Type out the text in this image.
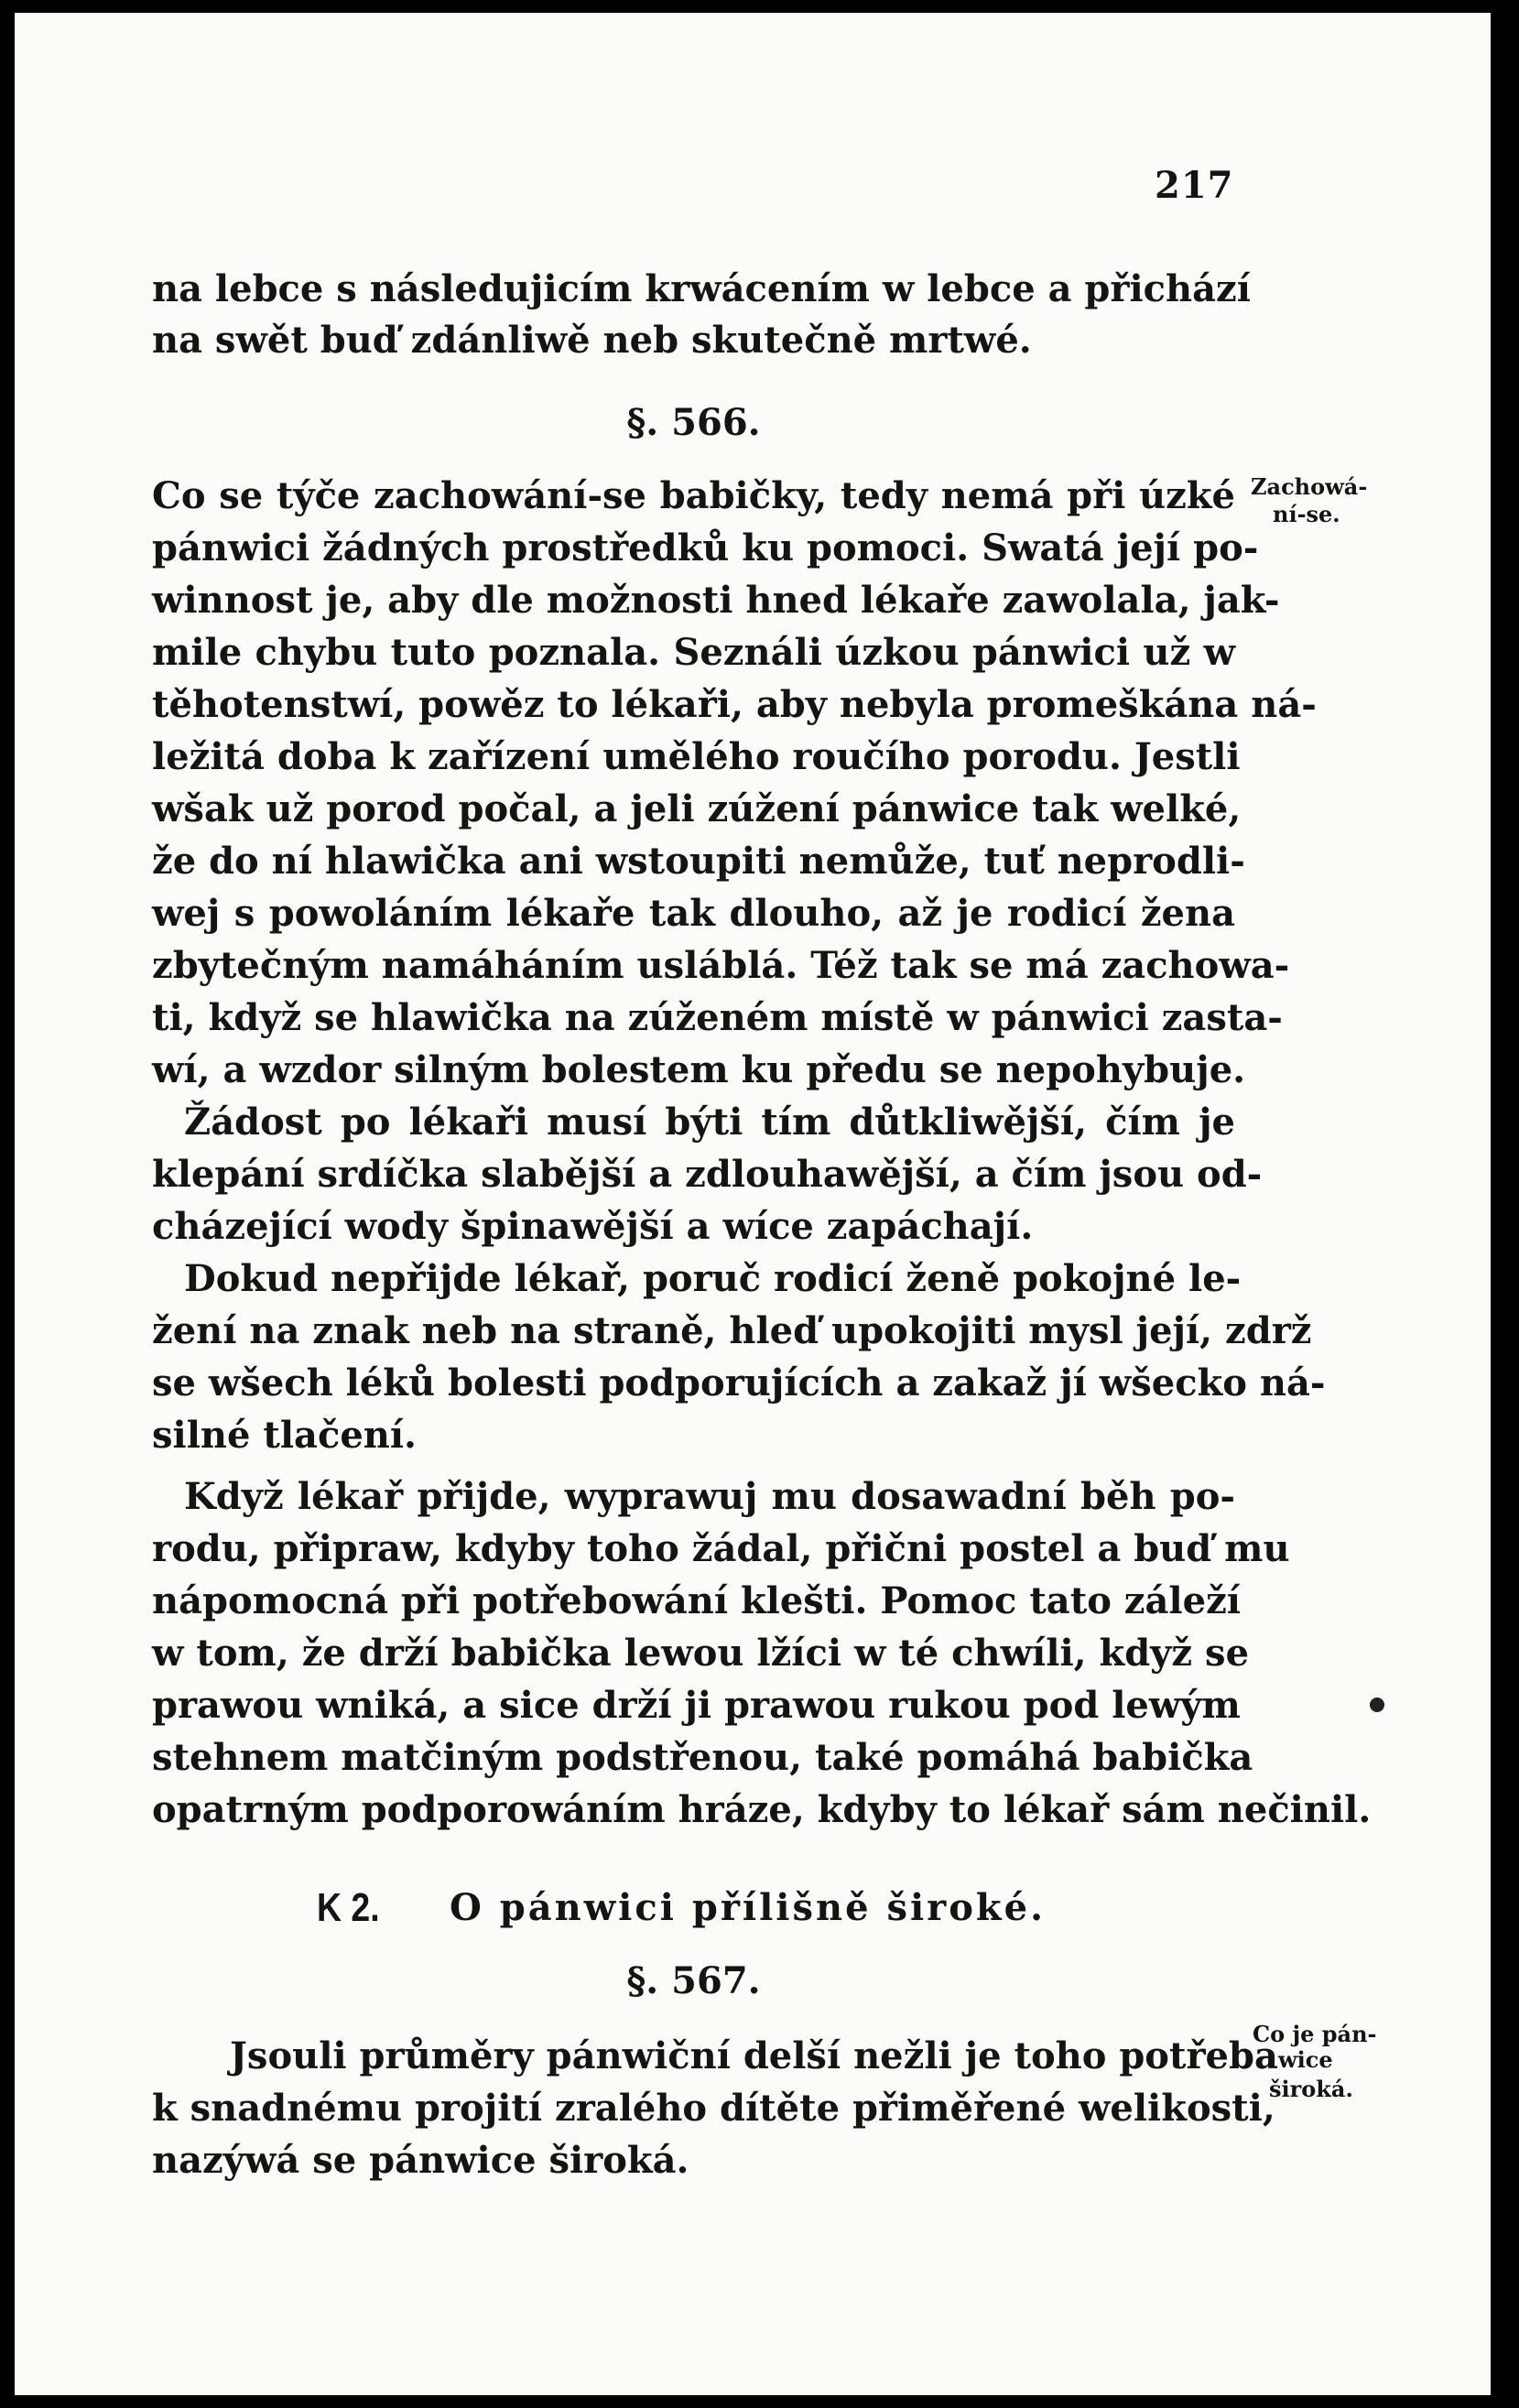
217
na lebce s následujicím krwácením w lebce a přichází
na swět buď zdánliwě neb skutečně mrtwé.
§. 566.
Co se týče zachowání-se babičky, tedy nemá při úzké
pánwici žádných prostředků ku pomoci. Swatá její po-
winnost je, aby dle možnosti hned lékaře zawolala, jak-
mile chybu tuto poznala. Seználi úzkou pánwici už w
těhotenstwí, powěz to lékaři, aby nebyla promeškána ná-
ležitá doba k zařízení umělého roučího porodu. Jestli
wšak už porod počal, a jeli zúžení pánwice tak welké,
že do ní hlawička ani wstoupiti nemůže, tuť neprodli-
wej s powoláním lékaře tak dlouho, až je rodicí žena
zbytečným namáháním usláblá. Též tak se má zachowa-
ti, když se hlawička na zúženém místě w pánwici zasta-
wí, a wzdor silným bolestem ku předu se nepohybuje.
Žádost po lékaři musí býti tím důtkliwější, čím je
klepání srdíčka slabější a zdlouhawější, a čím jsou od-
cházející wody špinawější a wíce zapáchají.
Dokud nepřijde lékař, poruč rodicí ženě pokojné le-
žení na znak neb na straně, hleď upokojiti mysl její, zdrž
se wšech léků bolesti podporujících a zakaž jí wšecko ná-
silné tlačení.
Když lékař přijde, wyprawuj mu dosawadní běh po-
rodu, připraw, kdyby toho žádal, přični postel a buď mu
nápomocná při potřebowání klešti. Pomoc tato záleží
w tom, že drží babička lewou lžíci w té chwíli, když se
prawou wniká, a sice drží ji prawou rukou pod lewým
stehnem matčiným podstřenou, také pomáhá babička
opatrným podporowáním hráze, kdyby to lékař sám nečinil.
K 2. O pánwici přílišně široké.
§. 567.
Jsouli průměry pánwiční delší nežli je toho potřeba
k snadnému projití zralého dítěte přiměřené welikosti,
nazýwá se pánwice široká.
Zachowá-
ní-se.
Co je pán-
wice
široká.
